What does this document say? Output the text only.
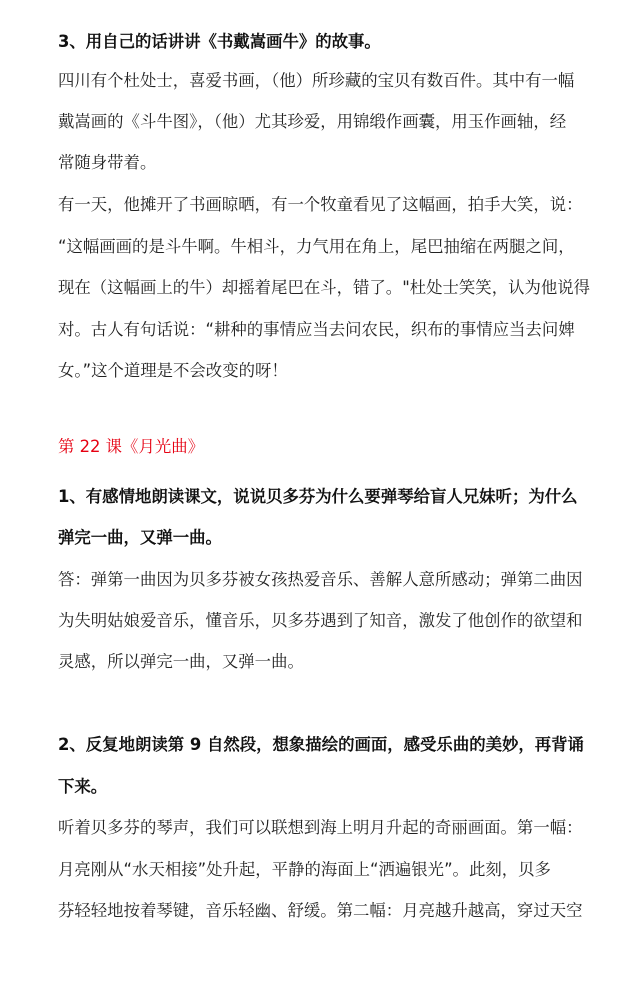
3、用自己的话讲讲《书戴嵩画牛》的故事。
四川有个杜处士，喜爱书画，（他）所珍藏的宝贝有数百件。其中有一幅
戴嵩画的《斗牛图》，（他）尤其珍爱，用锦缎作画囊，用玉作画轴，经
常随身带着。
有一天，他摊开了书画晾晒，有一个牧童看见了这幅画，拍手大笑，说：
“这幅画画的是斗牛啊。牛相斗，力气用在角上，尾巴抽缩在两腿之间，
现在（这幅画上的牛）却摇着尾巴在斗，错了。"杜处士笑笑，认为他说得
对。古人有句话说：“耕种的事情应当去问农民，织布的事情应当去问婢
女。”这个道理是不会改变的呀！
第 22 课《月光曲》
1、有感情地朗读课文，说说贝多芬为什么要弹琴给盲人兄妹听；为什么
弹完一曲，又弹一曲。
答：弹第一曲因为贝多芬被女孩热爱音乐、善解人意所感动；弹第二曲因
为失明姑娘爱音乐，懂音乐，贝多芬遇到了知音，激发了他创作的欲望和
灵感，所以弹完一曲，又弹一曲。
2、反复地朗读第 9 自然段，想象描绘的画面，感受乐曲的美妙，再背诵
下来。
听着贝多芬的琴声，我们可以联想到海上明月升起的奇丽画面。第一幅：
月亮刚从“水天相接”处升起，平静的海面上“洒遍银光”。此刻，贝多
芬轻轻地按着琴键，音乐轻幽、舒缓。第二幅：月亮越升越高，穿过天空
